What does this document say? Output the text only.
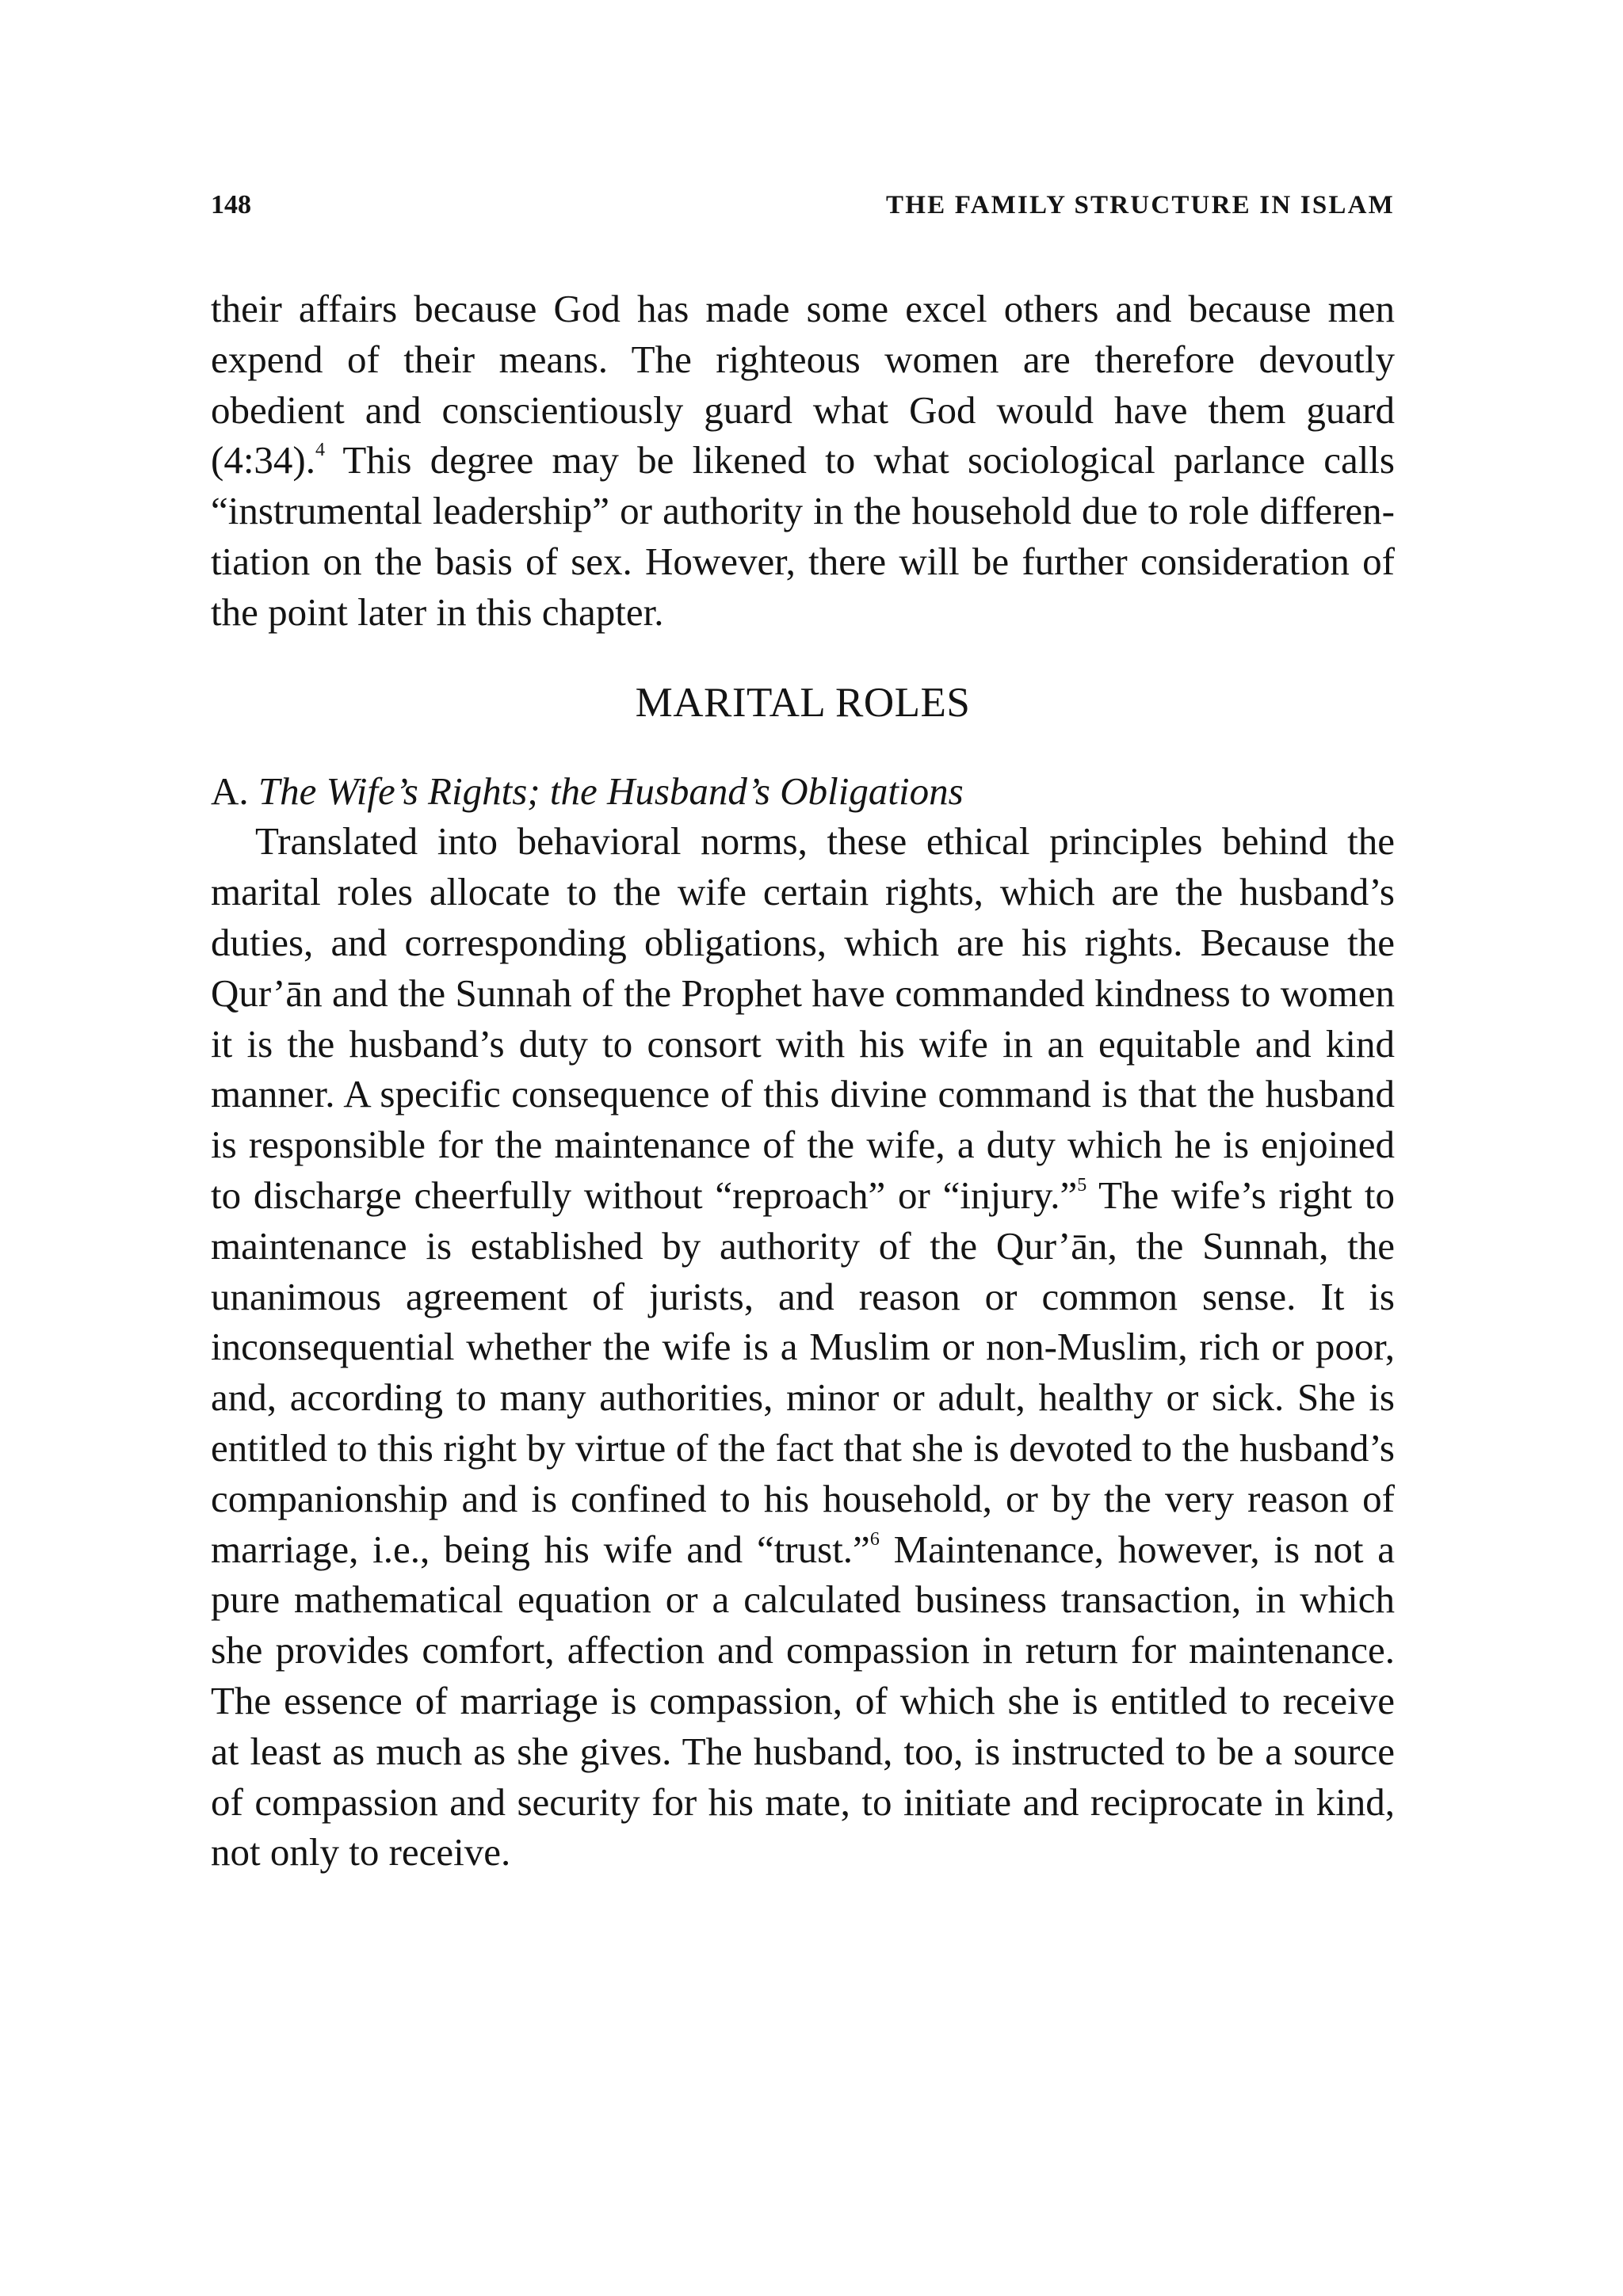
148	THE FAMILY STRUCTURE IN ISLAM

their affairs because God has made some excel others and because men expend of their means. The righteous women are therefore devoutly obedient and conscientiously guard what God would have them guard (4:34).$^4$ This degree may be likened to what sociological parlance calls “instrumental leadership” or authority in the household due to role differentiation on the basis of sex. However, there will be further consideration of the point later in this chapter.

MARITAL ROLES

A. The Wife’s Rights; the Husband’s Obligations

Translated into behavioral norms, these ethical principles behind the marital roles allocate to the wife certain rights, which are the husband’s duties, and corresponding obligations, which are his rights. Because the Qur’ān and the Sunnah of the Prophet have commanded kindness to women it is the husband’s duty to consort with his wife in an equitable and kind manner. A specific consequence of this divine command is that the husband is responsible for the maintenance of the wife, a duty which he is enjoined to discharge cheerfully without “reproach” or “injury.”$^5$ The wife’s right to maintenance is established by authority of the Qur’ān, the Sunnah, the unanimous agreement of jurists, and reason or common sense. It is inconsequential whether the wife is a Muslim or non-Muslim, rich or poor, and, according to many authorities, minor or adult, healthy or sick. She is entitled to this right by virtue of the fact that she is devoted to the husband’s companionship and is confined to his household, or by the very reason of marriage, i.e., being his wife and “trust.”$^6$ Maintenance, however, is not a pure mathematical equation or a calculated business transaction, in which she provides comfort, affection and compassion in return for maintenance. The essence of marriage is compassion, of which she is entitled to receive at least as much as she gives. The husband, too, is instructed to be a source of compassion and security for his mate, to initiate and reciprocate in kind, not only to receive.
